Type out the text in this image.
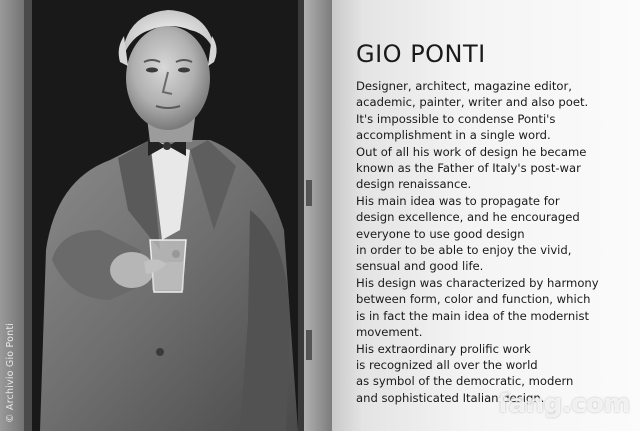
© Archivio Gio Ponti
GIO PONTI
Designer, architect, magazine editor,
academic, painter, writer and also poet.
It's impossible to condense Ponti's
accomplishment in a single word.
Out of all his work of design he became
known as the Father of Italy's post-war
design renaissance.
His main idea was to propagate for
design excellence, and he encouraged
everyone to use good design
in order to be able to enjoy the vivid,
sensual and good life.
His design was characterized by harmony
between form, color and function, which
is in fact the main idea of the modernist
movement.
His extraordinary prolific work
is recognized all over the world
as symbol of the democratic, modern
and sophisticated Italian design.
fang.com
